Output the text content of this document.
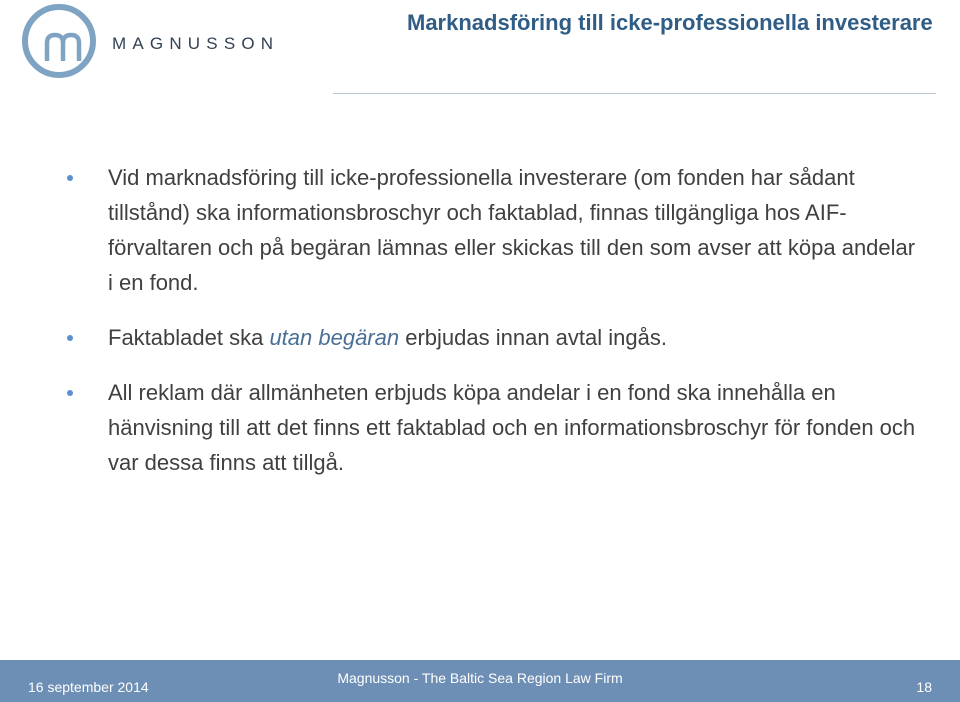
MAGNUSSON
Marknadsföring till icke-professionella investerare
Vid marknadsföring till icke-professionella investerare (om fonden har sådant tillstånd) ska informationsbroschyr och faktablad, finnas tillgängliga hos AIF-förvaltaren och på begäran lämnas eller skickas till den som avser att köpa andelar i en fond.
Faktabladet ska utan begäran erbjudas innan avtal ingås.
All reklam där allmänheten erbjuds köpa andelar i en fond ska innehålla en hänvisning till att det finns ett faktablad och en informationsbroschyr för fonden och var dessa finns att tillgå.
16 september 2014
Magnusson - The Baltic Sea Region Law Firm
18
